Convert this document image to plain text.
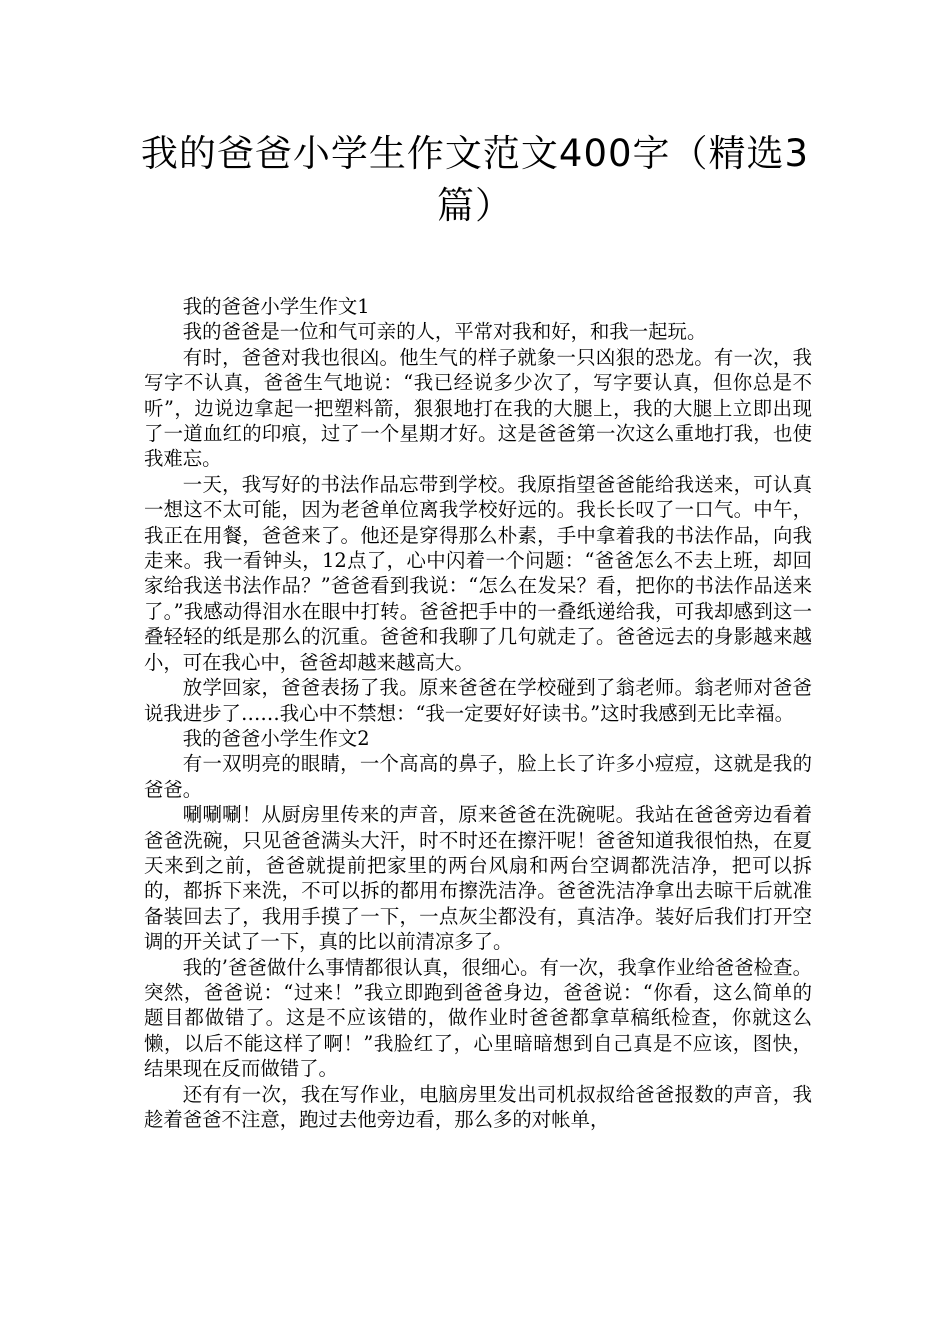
我的爸爸小学生作文范文400字（精选3篇）

我的爸爸小学生作文1

我的爸爸是一位和气可亲的人，平常对我和好，和我一起玩。

有时，爸爸对我也很凶。他生气的样子就象一只凶狠的恐龙。有一次，我写字不认真，爸爸生气地说：“我已经说多少次了，写字要认真，但你总是不听”，边说边拿起一把塑料箭，狠狠地打在我的大腿上，我的大腿上立即出现了一道血红的印痕，过了一个星期才好。这是爸爸第一次这么重地打我，也使我难忘。

一天，我写好的书法作品忘带到学校。我原指望爸爸能给我送来，可认真一想这不太可能，因为老爸单位离我学校好远的。我长长叹了一口气。中午，我正在用餐，爸爸来了。他还是穿得那么朴素，手中拿着我的书法作品，向我走来。我一看钟头，12点了，心中闪着一个问题：“爸爸怎么不去上班，却回家给我送书法作品？”爸爸看到我说：“怎么在发呆？看，把你的书法作品送来了。”我感动得泪水在眼中打转。爸爸把手中的一叠纸递给我，可我却感到这一叠轻轻的纸是那么的沉重。爸爸和我聊了几句就走了。爸爸远去的身影越来越小，可在我心中，爸爸却越来越高大。

放学回家，爸爸表扬了我。原来爸爸在学校碰到了翁老师。翁老师对爸爸说我进步了……我心中不禁想：“我一定要好好读书。”这时我感到无比幸福。

我的爸爸小学生作文2

有一双明亮的眼睛，一个高高的鼻子，脸上长了许多小痘痘，这就是我的爸爸。

唰唰唰！从厨房里传来的声音，原来爸爸在洗碗呢。我站在爸爸旁边看着爸爸洗碗，只见爸爸满头大汗，时不时还在擦汗呢！爸爸知道我很怕热，在夏天来到之前，爸爸就提前把家里的两台风扇和两台空调都洗洁净，把可以拆的，都拆下来洗，不可以拆的都用布擦洗洁净。爸爸洗洁净拿出去晾干后就准备装回去了，我用手摸了一下，一点灰尘都没有，真洁净。装好后我们打开空调的开关试了一下，真的比以前清凉多了。

我的’爸爸做什么事情都很认真，很细心。有一次，我拿作业给爸爸检查。突然，爸爸说：“过来！”我立即跑到爸爸身边，爸爸说：“你看，这么简单的题目都做错了。这是不应该错的，做作业时爸爸都拿草稿纸检查，你就这么懒，以后不能这样了啊！”我脸红了，心里暗暗想到自己真是不应该，图快，结果现在反而做错了。

还有有一次，我在写作业，电脑房里发出司机叔叔给爸爸报数的声音，我趁着爸爸不注意，跑过去他旁边看，那么多的对帐单，
